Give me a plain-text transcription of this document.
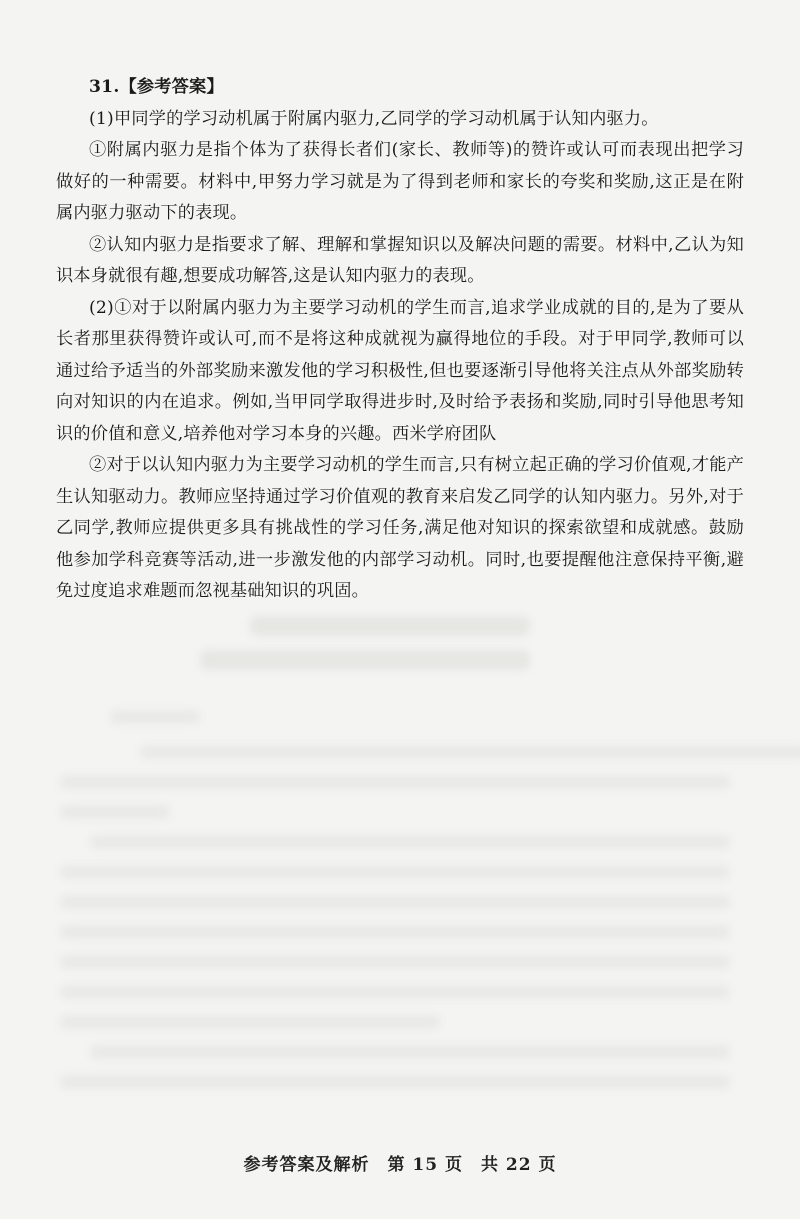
31.【参考答案】

(1)甲同学的学习动机属于附属内驱力,乙同学的学习动机属于认知内驱力。

①附属内驱力是指个体为了获得长者们(家长、教师等)的赞许或认可而表现出把学习做好的一种需要。材料中,甲努力学习就是为了得到老师和家长的夸奖和奖励,这正是在附属内驱力驱动下的表现。

②认知内驱力是指要求了解、理解和掌握知识以及解决问题的需要。材料中,乙认为知识本身就很有趣,想要成功解答,这是认知内驱力的表现。

(2)①对于以附属内驱力为主要学习动机的学生而言,追求学业成就的目的,是为了要从长者那里获得赞许或认可,而不是将这种成就视为赢得地位的手段。对于甲同学,教师可以通过给予适当的外部奖励来激发他的学习积极性,但也要逐渐引导他将关注点从外部奖励转向对知识的内在追求。例如,当甲同学取得进步时,及时给予表扬和奖励,同时引导他思考知识的价值和意义,培养他对学习本身的兴趣。西米学府团队

②对于以认知内驱力为主要学习动机的学生而言,只有树立起正确的学习价值观,才能产生认知驱动力。教师应坚持通过学习价值观的教育来启发乙同学的认知内驱力。另外,对于乙同学,教师应提供更多具有挑战性的学习任务,满足他对知识的探索欲望和成就感。鼓励他参加学科竞赛等活动,进一步激发他的内部学习动机。同时,也要提醒他注意保持平衡,避免过度追求难题而忽视基础知识的巩固。

参考答案及解析　第 15 页　共 22 页
